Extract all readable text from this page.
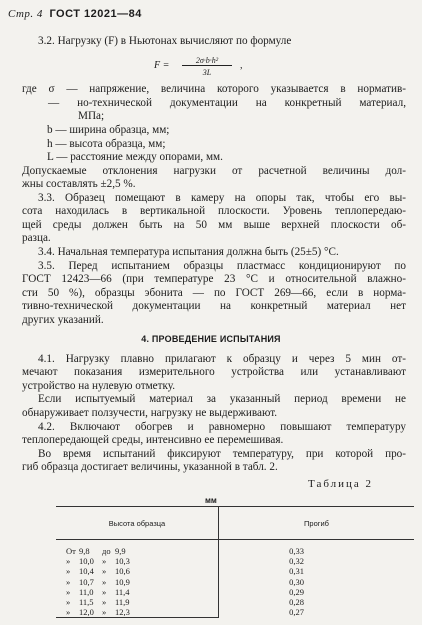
Стр. 4 ГОСТ 12021—84
3.2. Нагрузку (F) в Ньютонах вычисляют по формуле
F =	2σ·b·h²
3L
,
где σ — напряжение, величина которого указывается в норматив-
— но-технической документации на конкретный материал,
МПа;
b — ширина образца, мм;
h — высота образца, мм;
L — расстояние между опорами, мм.
Допускаемые отклонения нагрузки от расчетной величины дол-
жны составлять ±2,5 %.
3.3. Образец помещают в камеру на опоры так, чтобы его вы-
сота находилась в вертикальной плоскости. Уровень теплопередаю-
щей среды должен быть на 50 мм выше верхней плоскости об-
разца.
3.4. Начальная температура испытания должна быть (25±5) °С.
3.5. Перед испытанием образцы пластмасс кондиционируют по
ГОСТ 12423—66 (при температуре 23 °С и относительной влажно-
сти 50 %), образцы эбонита — по ГОСТ 269—66, если в норма-
тивно-технической документации на конкретный материал нет
других указаний.
4. ПРОВЕДЕНИЕ ИСПЫТАНИЯ
4.1. Нагрузку плавно прилагают к образцу и через 5 мин от-
мечают показания измерительного устройства или устанавливают
устройство на нулевую отметку.
Если испытуемый материал за указанный период времени не
обнаруживает ползучести, нагрузку не выдерживают.
4.2. Включают обогрев и равномерно повышают температуру
теплопередающей среды, интенсивно ее перемешивая.
Во время испытаний фиксируют температуру, при которой про-
гиб образца достигает величины, указанной в табл. 2.
Таблица 2
мм
Высота образца	Прогиб
От 9,8 до 9,9	0,33
» 10,0 » 10,3	0,32
» 10,4 » 10,6	0,31
» 10,7 » 10,9	0,30
» 11,0 » 11,4	0,29
» 11,5 » 11,9	0,28
» 12,0 » 12,3	0,27
